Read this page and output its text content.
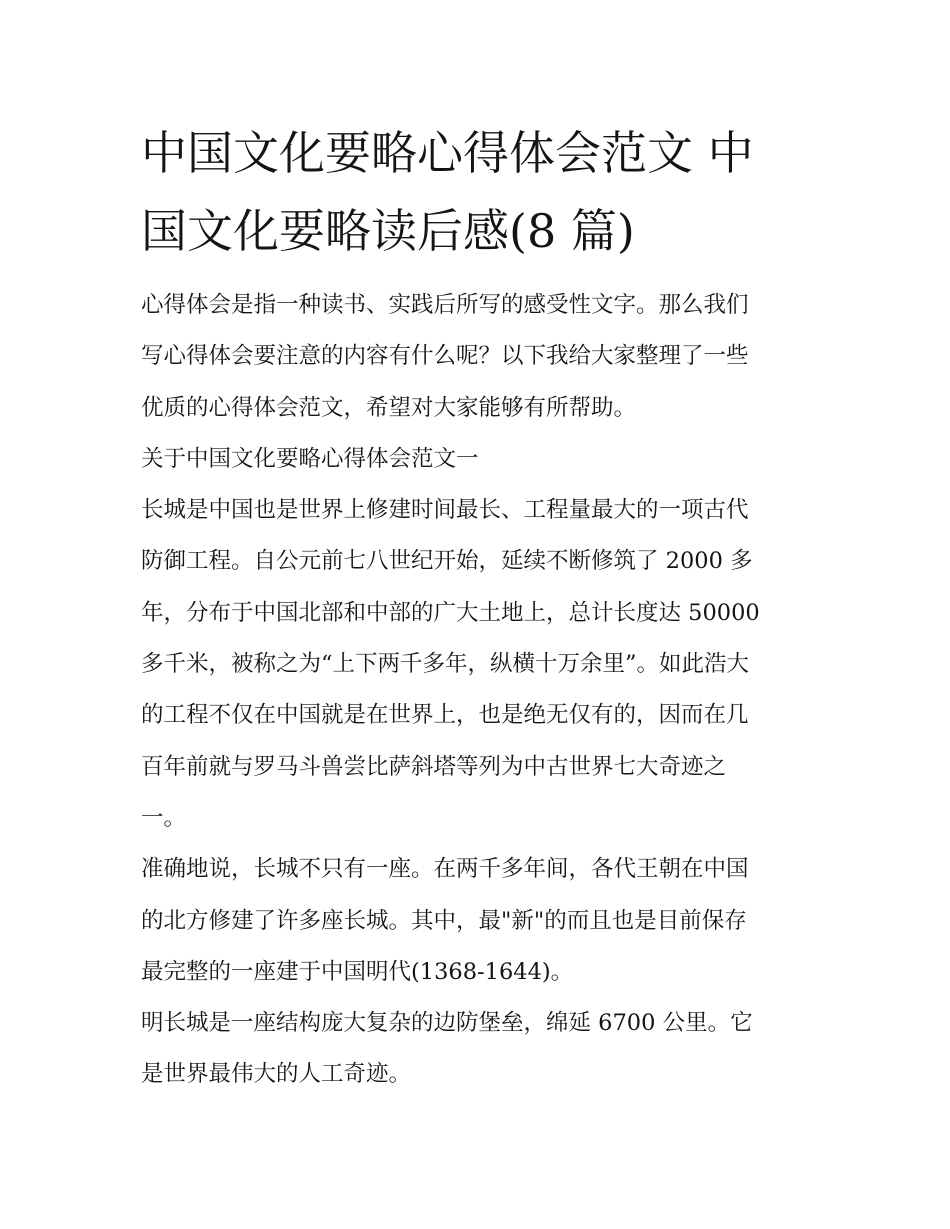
中国文化要略心得体会范文 中
国文化要略读后感(8 篇)

心得体会是指一种读书、实践后所写的感受性文字。那么我们
写心得体会要注意的内容有什么呢？以下我给大家整理了一些
优质的心得体会范文，希望对大家能够有所帮助。

关于中国文化要略心得体会范文一

长城是中国也是世界上修建时间最长、工程量最大的一项古代
防御工程。自公元前七八世纪开始，延续不断修筑了 2000 多
年，分布于中国北部和中部的广大土地上，总计长度达 50000
多千米，被称之为“上下两千多年，纵横十万余里”。如此浩大
的工程不仅在中国就是在世界上，也是绝无仅有的，因而在几
百年前就与罗马斗兽尝比萨斜塔等列为中古世界七大奇迹之
一。

准确地说，长城不只有一座。在两千多年间，各代王朝在中国
的北方修建了许多座长城。其中，最"新"的而且也是目前保存
最完整的一座建于中国明代(1368-1644)。

明长城是一座结构庞大复杂的边防堡垒，绵延 6700 公里。它
是世界最伟大的人工奇迹。
